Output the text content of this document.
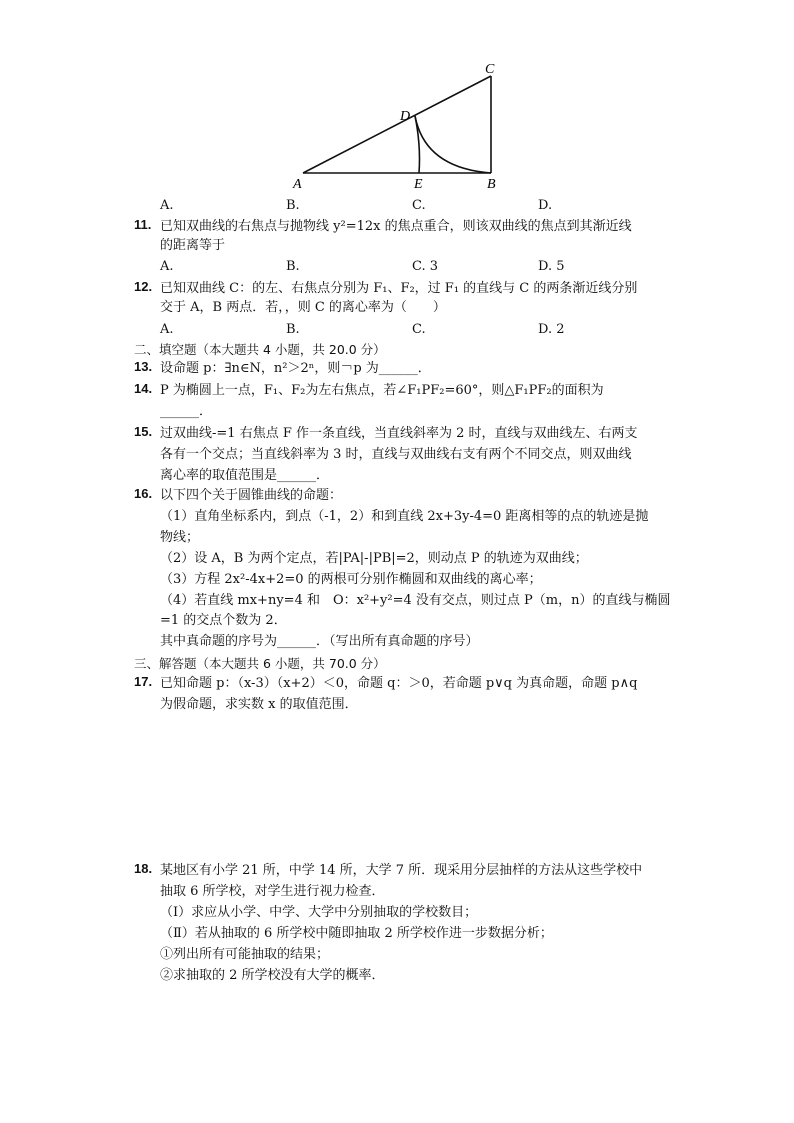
C
D
A	E	B
A.	B.	C.	D.
11. 已知双曲线的右焦点与抛物线 y²=12x 的焦点重合，则该双曲线的焦点到其渐近线
的距离等于
A.	B.	C. 3	D. 5
12. 已知双曲线 C：的左、右焦点分别为 F₁、F₂，过 F₁ 的直线与 C 的两条渐近线分别
交于 A，B 两点．若，，则 C 的离心率为（　　）
A.	B.	C.	D. 2
二、填空题（本大题共 4 小题，共 20.0 分）
13. 设命题 p：∃n∈N，n²＞2ⁿ，则￢p 为______．
14. P 为椭圆上一点，F₁、F₂为左右焦点，若∠F₁PF₂=60°，则△F₁PF₂的面积为
______．
15. 过双曲线-=1 右焦点 F 作一条直线，当直线斜率为 2 时，直线与双曲线左、右两支
各有一个交点；当直线斜率为 3 时，直线与双曲线右支有两个不同交点，则双曲线
离心率的取值范围是______．
16. 以下四个关于圆锥曲线的命题：
（1）直角坐标系内，到点（-1，2）和到直线 2x+3y-4=0 距离相等的点的轨迹是抛
物线；
（2）设 A，B 为两个定点，若|PA|-|PB|=2，则动点 P 的轨迹为双曲线；
（3）方程 2x²-4x+2=0 的两根可分别作椭圆和双曲线的离心率；
（4）若直线 mx+ny=4 和　O：x²+y²=4 没有交点，则过点 P（m，n）的直线与椭圆
=1 的交点个数为 2．
其中真命题的序号为______．（写出所有真命题的序号）
三、解答题（本大题共 6 小题，共 70.0 分）
17. 已知命题 p：（x-3）（x+2）＜0，命题 q：＞0，若命题 p∨q 为真命题，命题 p∧q
为假命题，求实数 x 的取值范围．
18. 某地区有小学 21 所，中学 14 所，大学 7 所．现采用分层抽样的方法从这些学校中
抽取 6 所学校，对学生进行视力检查．
（Ⅰ）求应从小学、中学、大学中分别抽取的学校数目；
（Ⅱ）若从抽取的 6 所学校中随即抽取 2 所学校作进一步数据分析；
①列出所有可能抽取的结果；
②求抽取的 2 所学校没有大学的概率．
